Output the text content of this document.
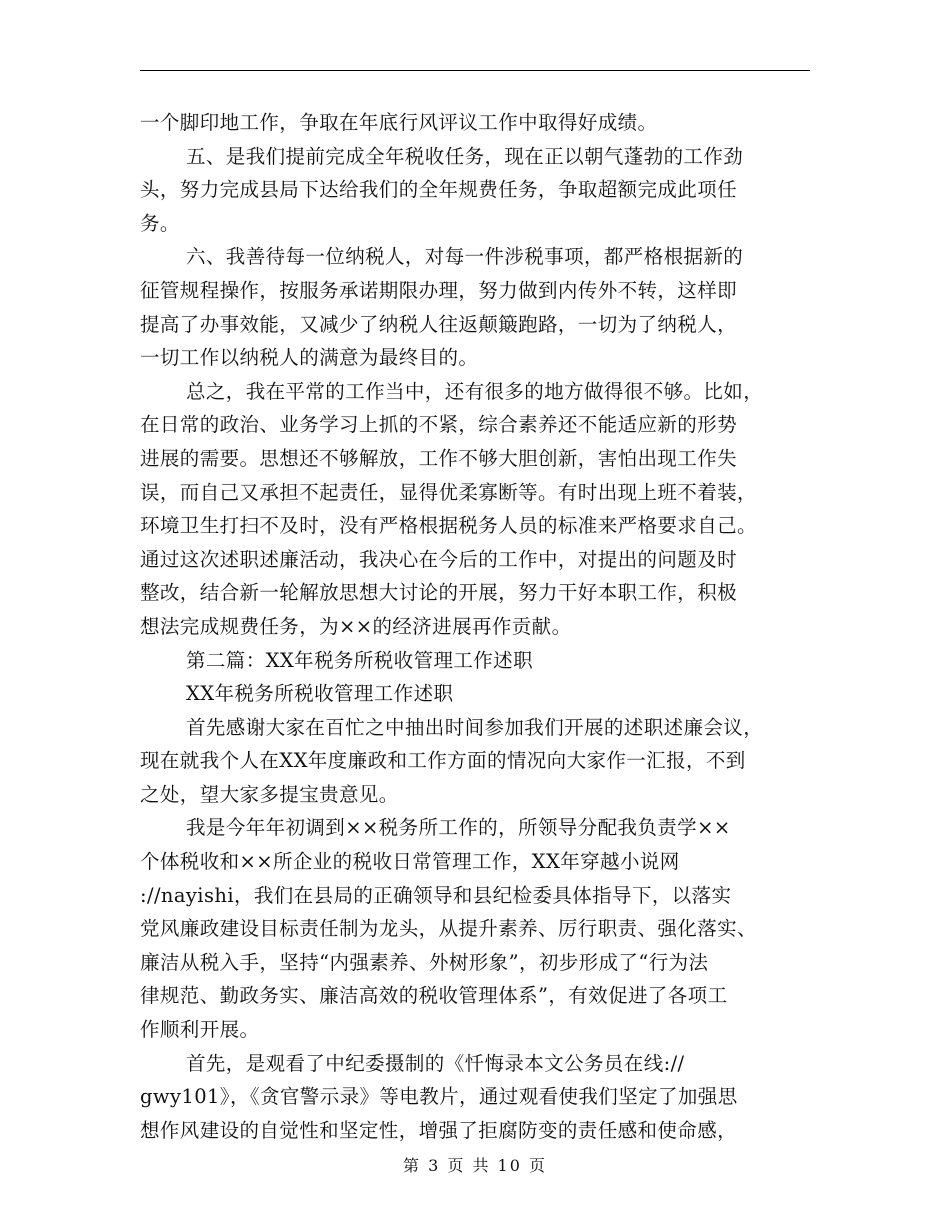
一个脚印地工作，争取在年底行风评议工作中取得好成绩。
五、是我们提前完成全年税收任务，现在正以朝气蓬勃的工作劲
头，努力完成县局下达给我们的全年规费任务，争取超额完成此项任
务。
六、我善待每一位纳税人，对每一件涉税事项，都严格根据新的
征管规程操作，按服务承诺期限办理，努力做到内传外不转，这样即
提高了办事效能，又减少了纳税人往返颠簸跑路，一切为了纳税人，
一切工作以纳税人的满意为最终目的。
总之，我在平常的工作当中，还有很多的地方做得很不够。比如，
在日常的政治、业务学习上抓的不紧，综合素养还不能适应新的形势
进展的需要。思想还不够解放，工作不够大胆创新，害怕出现工作失
误，而自己又承担不起责任，显得优柔寡断等。有时出现上班不着装，
环境卫生打扫不及时，没有严格根据税务人员的标准来严格要求自己。
通过这次述职述廉活动，我决心在今后的工作中，对提出的问题及时
整改，结合新一轮解放思想大讨论的开展，努力干好本职工作，积极
想法完成规费任务，为××的经济进展再作贡献。
第二篇：XX年税务所税收管理工作述职
XX年税务所税收管理工作述职
首先感谢大家在百忙之中抽出时间参加我们开展的述职述廉会议，
现在就我个人在XX年度廉政和工作方面的情况向大家作一汇报，不到
之处，望大家多提宝贵意见。
我是今年年初调到××税务所工作的，所领导分配我负责学××
个体税收和××所企业的税收日常管理工作，XX年穿越小说网
://nayishi，我们在县局的正确领导和县纪检委具体指导下，以落实
党风廉政建设目标责任制为龙头，从提升素养、厉行职责、强化落实、
廉洁从税入手，坚持“内强素养、外树形象”，初步形成了“行为法
律规范、勤政务实、廉洁高效的税收管理体系”，有效促进了各项工
作顺利开展。
首先，是观看了中纪委摄制的《忏悔录本文公务员在线://
gwy101》，《贪官警示录》等电教片，通过观看使我们坚定了加强思
想作风建设的自觉性和坚定性，增强了拒腐防变的责任感和使命感，
第 3 页 共 10 页
